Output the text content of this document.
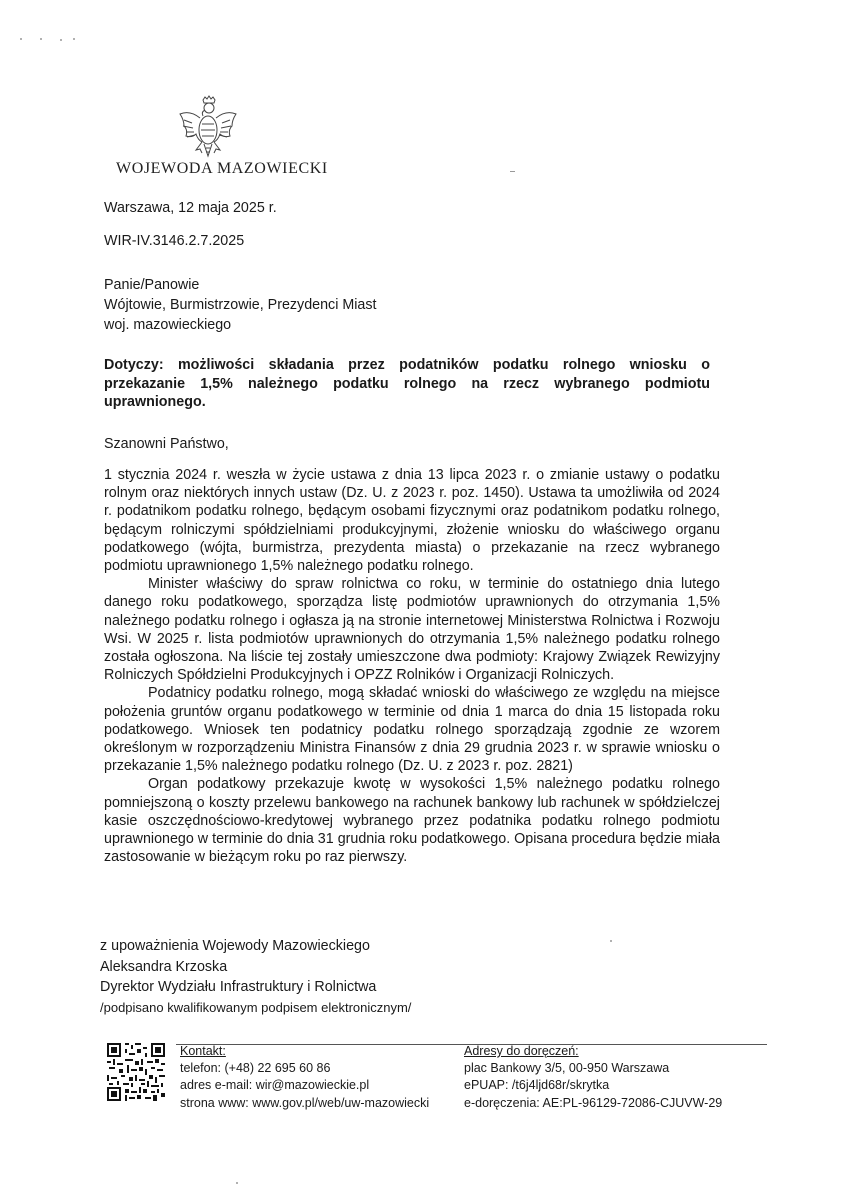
WOJEWODA MAZOWIECKI
Warszawa, 12 maja 2025 r.
WIR-IV.3146.2.7.2025
Panie/Panowie
Wójtowie, Burmistrzowie, Prezydenci Miast
woj. mazowieckiego
Dotyczy: możliwości składania przez podatników podatku rolnego wniosku o przekazanie 1,5% należnego podatku rolnego na rzecz wybranego podmiotu uprawnionego.
Szanowni Państwo,

1 stycznia 2024 r. weszła w życie ustawa z dnia 13 lipca 2023 r. o zmianie ustawy o podatku rolnym oraz niektórych innych ustaw (Dz. U. z 2023 r. poz. 1450). Ustawa ta umożliwiła od 2024 r. podatnikom podatku rolnego, będącym osobami fizycznymi oraz podatnikom podatku rolnego, będącym rolniczymi spółdzielniami produkcyjnymi, złożenie wniosku do właściwego organu podatkowego (wójta, burmistrza, prezydenta miasta) o przekazanie na rzecz wybranego podmiotu uprawnionego 1,5% należnego podatku rolnego.

Minister właściwy do spraw rolnictwa co roku, w terminie do ostatniego dnia lutego danego roku podatkowego, sporządza listę podmiotów uprawnionych do otrzymania 1,5% należnego podatku rolnego i ogłasza ją na stronie internetowej Ministerstwa Rolnictwa i Rozwoju Wsi. W 2025 r. lista podmiotów uprawnionych do otrzymania 1,5% należnego podatku rolnego została ogłoszona. Na liście tej zostały umieszczone dwa podmioty: Krajowy Związek Rewizyjny Rolniczych Spółdzielni Produkcyjnych i OPZZ Rolników i Organizacji Rolniczych.

Podatnicy podatku rolnego, mogą składać wnioski do właściwego ze względu na miejsce położenia gruntów organu podatkowego w terminie od dnia 1 marca do dnia 15 listopada roku podatkowego. Wniosek ten podatnicy podatku rolnego sporządzają zgodnie ze wzorem określonym w rozporządzeniu Ministra Finansów z dnia 29 grudnia 2023 r. w sprawie wniosku o przekazanie 1,5% należnego podatku rolnego (Dz. U. z 2023 r. poz. 2821)

Organ podatkowy przekazuje kwotę w wysokości 1,5% należnego podatku rolnego pomniejszoną o koszty przelewu bankowego na rachunek bankowy lub rachunek w spółdzielczej kasie oszczędnościowo-kredytowej wybranego przez podatnika podatku rolnego podmiotu uprawnionego w terminie do dnia 31 grudnia roku podatkowego. Opisana procedura będzie miała zastosowanie w bieżącym roku po raz pierwszy.

z upoważnienia Wojewody Mazowieckiego
Aleksandra Krzoska
Dyrektor Wydziału Infrastruktury i Rolnictwa
/podpisano kwalifikowanym podpisem elektronicznym/
Kontakt:
telefon: (+48) 22 695 60 86
adres e-mail: wir@mazowieckie.pl
strona www: www.gov.pl/web/uw-mazowiecki
Adresy do doręczeń:
plac Bankowy 3/5, 00-950 Warszawa
ePUAP: /t6j4ljd68r/skrytka
e-doręczenia: AE:PL-96129-72086-CJUVW-29
